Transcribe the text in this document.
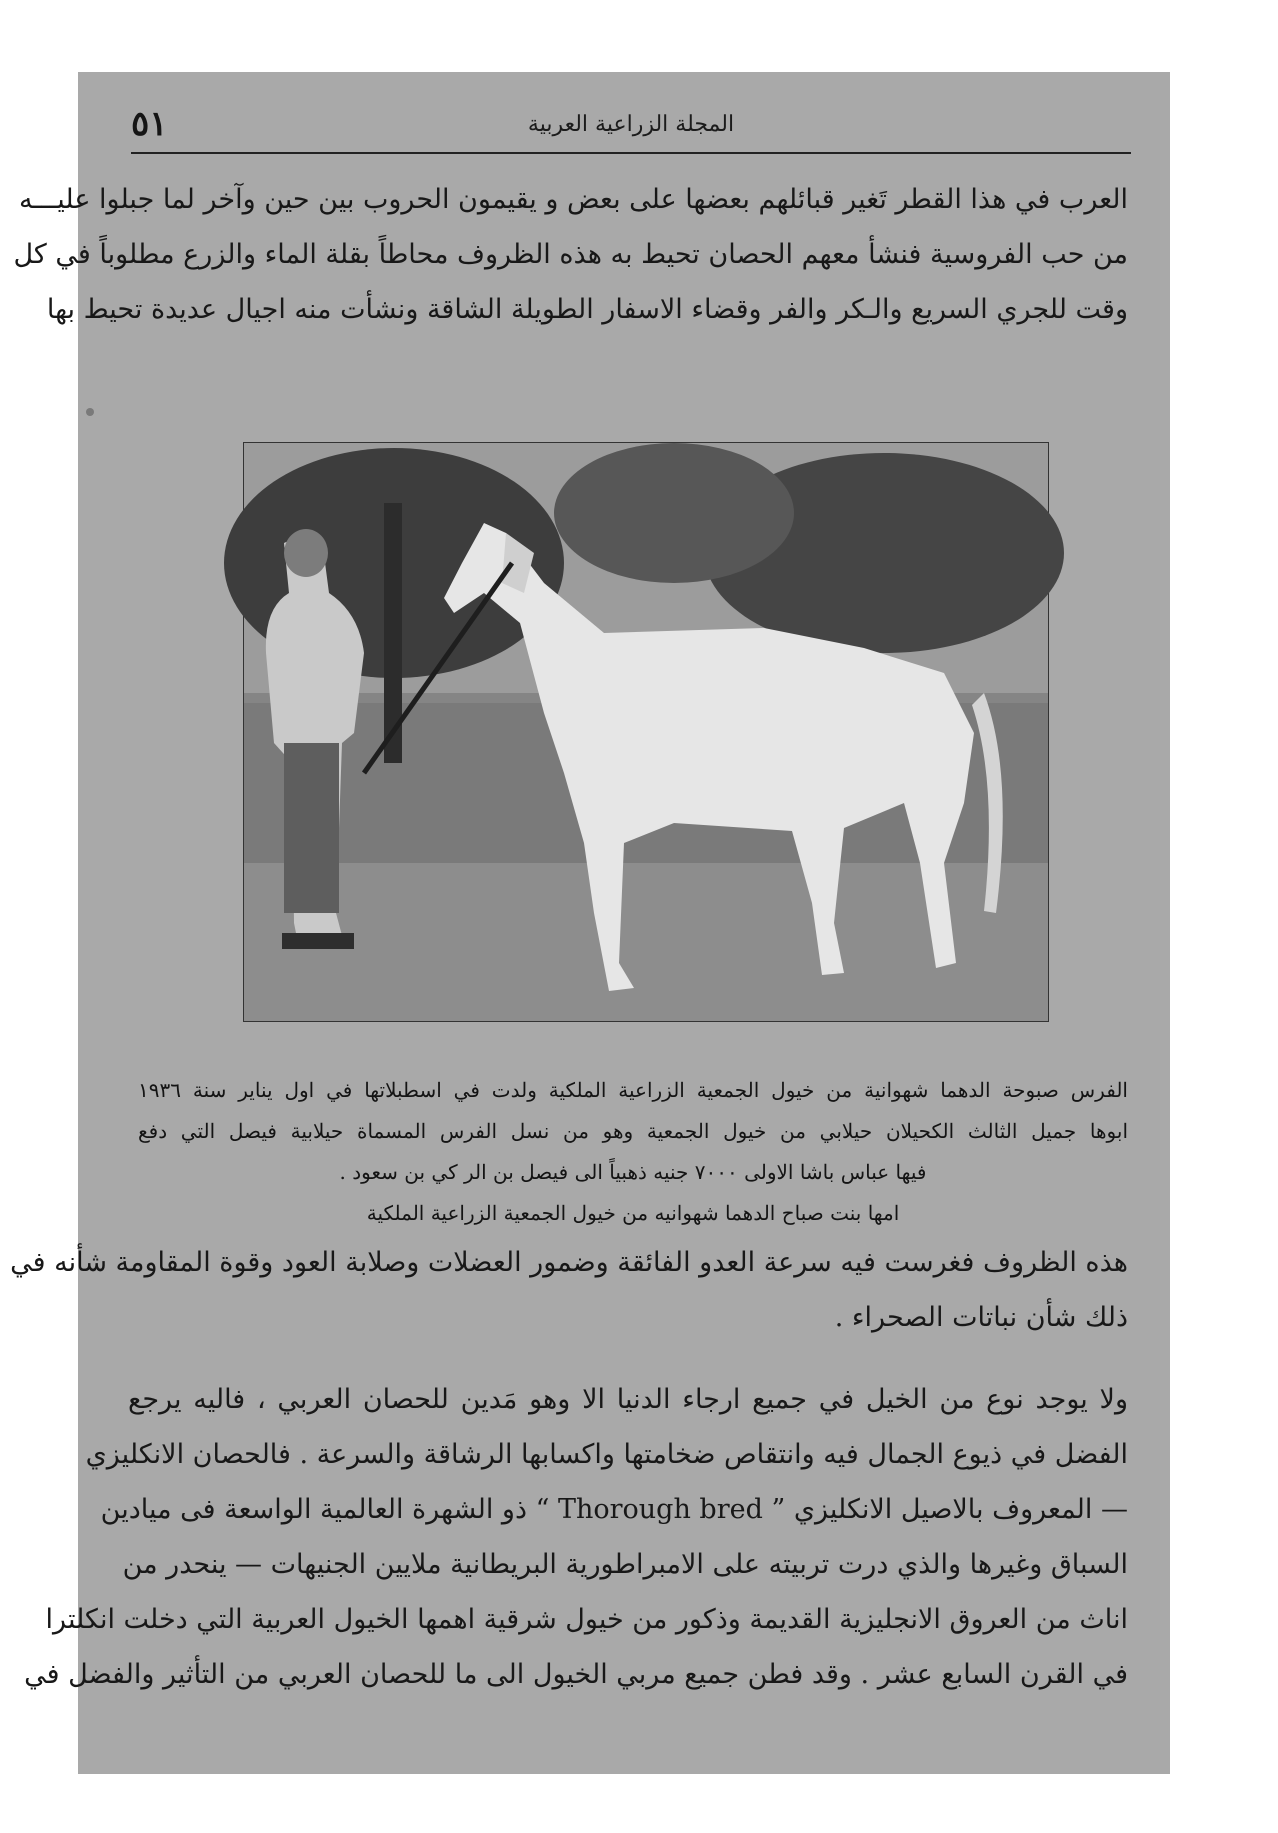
٥١	المجلة الزراعية العربية
العرب في هذا القطر تَغير قبائلهم بعضها على بعض و يقيمون الحروب بين حين وآخر لما جبلوا عليـــه
من حب الفروسية فنشأ معهم الحصان تحيط به هذه الظروف محاطاً بقلة الماء والزرع مطلوباً في كل
وقت للجري السريع والـكر والفر وقضاء الاسفار الطويلة الشاقة ونشأت منه اجيال عديدة تحيط بها
الفرس صبوحة الدهما شهوانية من خيول الجمعية الزراعية الملكية ولدت في اسطبلاتها في اول يناير سنة ١٩٣٦
ابوها جميل الثالث الكحيلان حيلابي من خيول الجمعية وهو من نسل الفرس المسماة حيلابية فيصل التي دفع
فيها عباس باشا الاولى ٧٠٠٠ جنيه ذهبياً الى فيصل بن الر كي بن سعود .
امها بنت صباح الدهما شهوانيه من خيول الجمعية الزراعية الملكية
هذه الظروف فغرست فيه سرعة العدو الفائقة وضمور العضلات وصلابة العود وقوة المقاومة شأنه في
ذلك شأن نباتات الصحراء .
ولا يوجد نوع من الخيل في جميع ارجاء الدنيا الا وهو مَدين للحصان العربي ، فاليه يرجع
الفضل في ذيوع الجمال فيه وانتقاص ضخامتها واكسابها الرشاقة والسرعة . فالحصان الانكليزي
— المعروف بالاصيل الانكليزي ” Thorough bred “ ذو الشهرة العالمية الواسعة فى ميادين
السباق وغيرها والذي درت تربيته على الامبراطورية البريطانية ملايين الجنيهات — ينحدر من
اناث من العروق الانجليزية القديمة وذكور من خيول شرقية اهمها الخيول العربية التي دخلت انكلترا
في القرن السابع عشر . وقد فطن جميع مربي الخيول الى ما للحصان العربي من التأثير والفضل في
